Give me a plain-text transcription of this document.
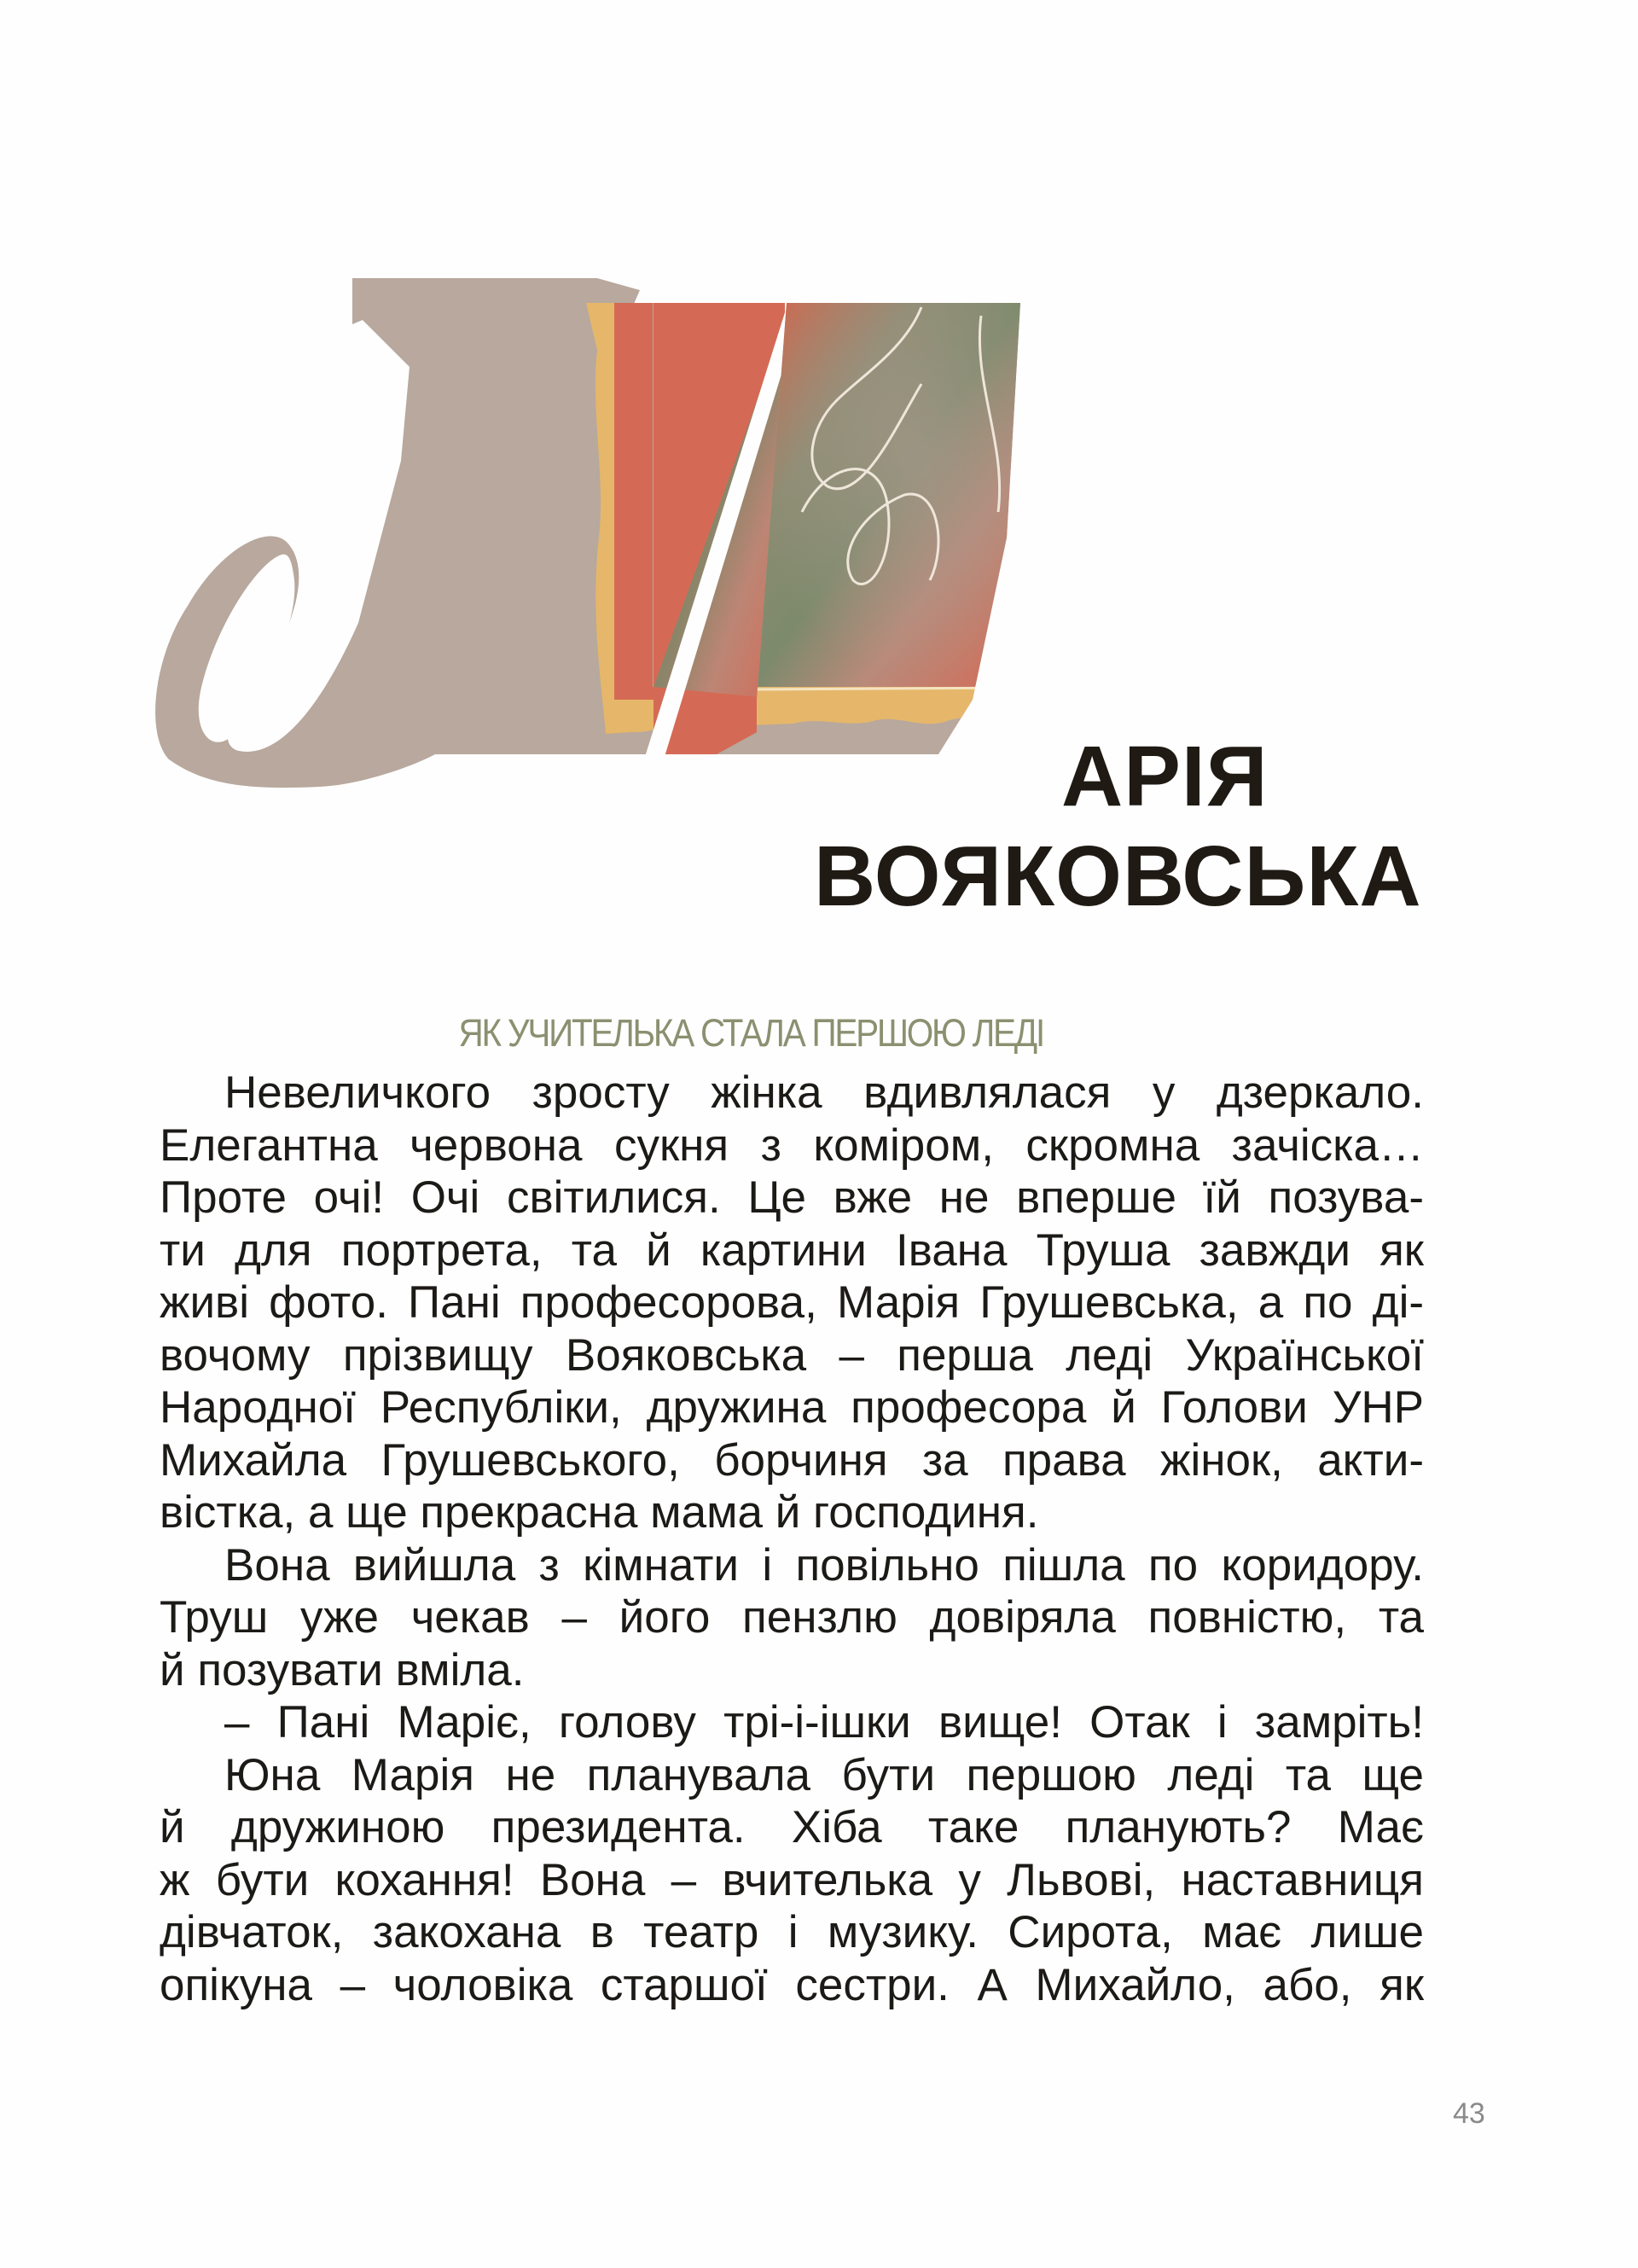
АРІЯ
ВОЯКОВСЬКА
ЯК УЧИТЕЛЬКА СТАЛА ПЕРШОЮ ЛЕДІ
Невеличкого зросту жінка вдивлялася у дзеркало.
Елегантна червона сукня з коміром, скромна зачіска…
Проте очі! Очі світилися. Це вже не вперше їй позува-
ти для портрета, та й картини Івана Труша завжди як
живі фото. Пані професорова, Марія Грушевська, а по ді-
вочому прізвищу Вояковська – перша леді Української
Народної Республіки, дружина професора й Голови УНР
Михайла Грушевського, борчиня за права жінок, акти-
вістка, а ще прекрасна мама й господиня.
Вона вийшла з кімнати і повільно пішла по коридору.
Труш уже чекав – його пензлю довіряла повністю, та
й позувати вміла.
– Пані Маріє, голову трі-і-ішки вище! Отак і замріть!
Юна Марія не планувала бути першою леді та ще
й дружиною президента. Хіба таке планують? Має
ж бути кохання! Вона – вчителька у Львові, наставниця
дівчаток, закохана в театр і музику. Сирота, має лише
опікуна – чоловіка старшої сестри. А Михайло, або, як
43
